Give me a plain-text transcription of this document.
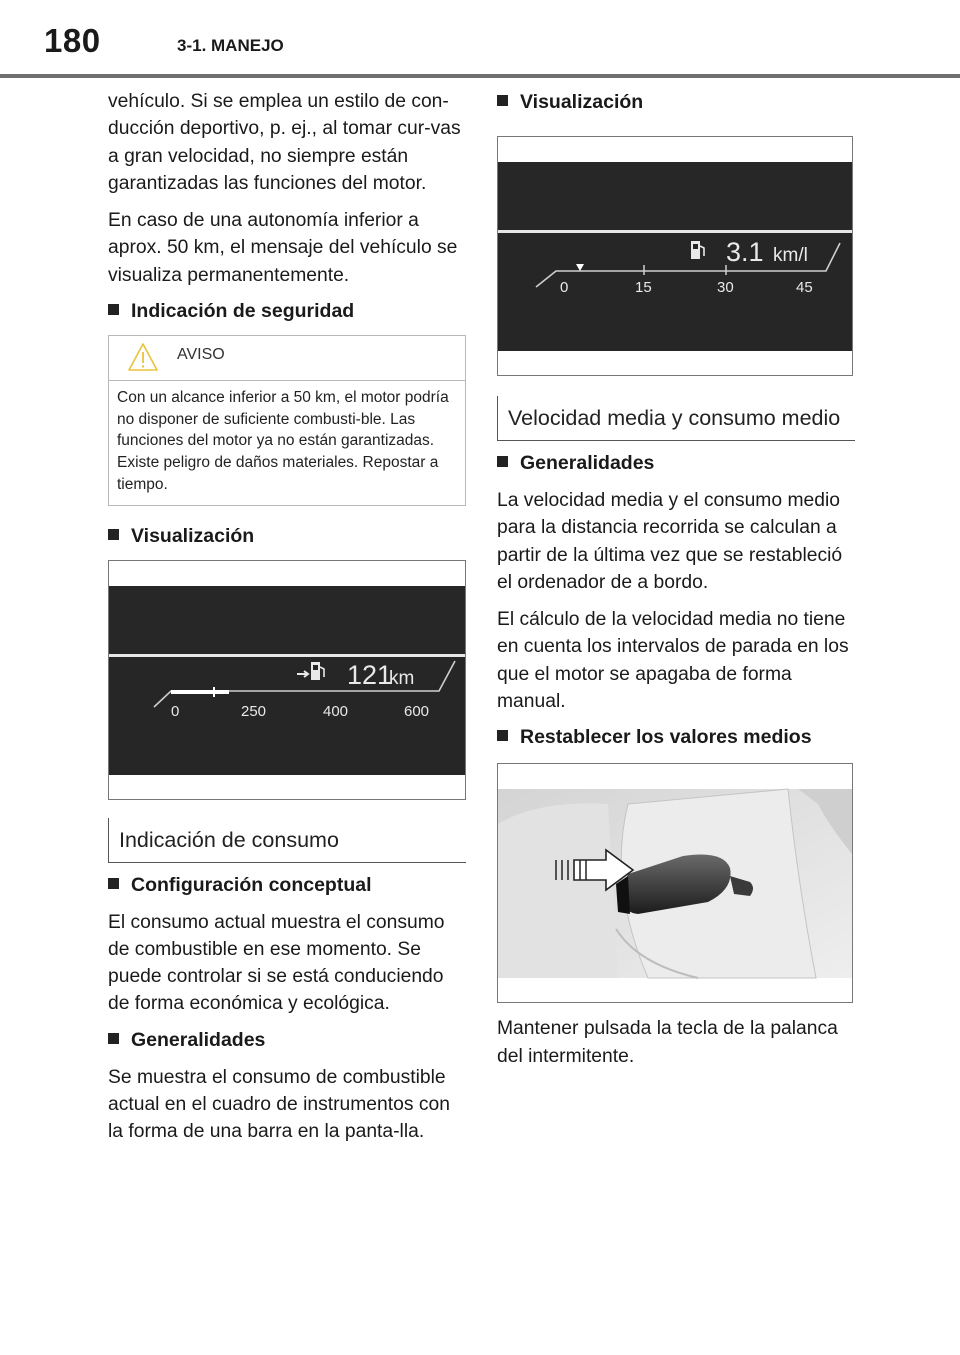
180	3-1. MANEJO

vehículo. Si se emplea un estilo de con-ducción deportivo, p. ej., al tomar cur-vas a gran velocidad, no siempre están garantizadas las funciones del motor.

En caso de una autonomía inferior a aprox. 50 km, el mensaje del vehículo se visualiza permanentemente.

Indicación de seguridad
AVISO
Con un alcance inferior a 50 km, el motor podría no disponer de suficiente combusti-ble. Las funciones del motor ya no están garantizadas. Existe peligro de daños materiales. Repostar a tiempo.
Visualización
121
km
0	250	400	600
Indicación de consumo
Configuración conceptual

El consumo actual muestra el consumo de combustible en ese momento. Se puede controlar si se está conduciendo de forma económica y ecológica.

Generalidades

Se muestra el consumo de combustible actual en el cuadro de instrumentos con la forma de una barra en la panta-lla.

Visualización
3.1 km/l
0	15	30	45
Velocidad media y consumo medio
Generalidades

La velocidad media y el consumo medio para la distancia recorrida se calculan a partir de la última vez que se restableció el ordenador de a bordo.

El cálculo de la velocidad media no tiene en cuenta los intervalos de parada en los que el motor se apagaba de forma manual.

Restablecer los valores medios

Mantener pulsada la tecla de la palanca del intermitente.
